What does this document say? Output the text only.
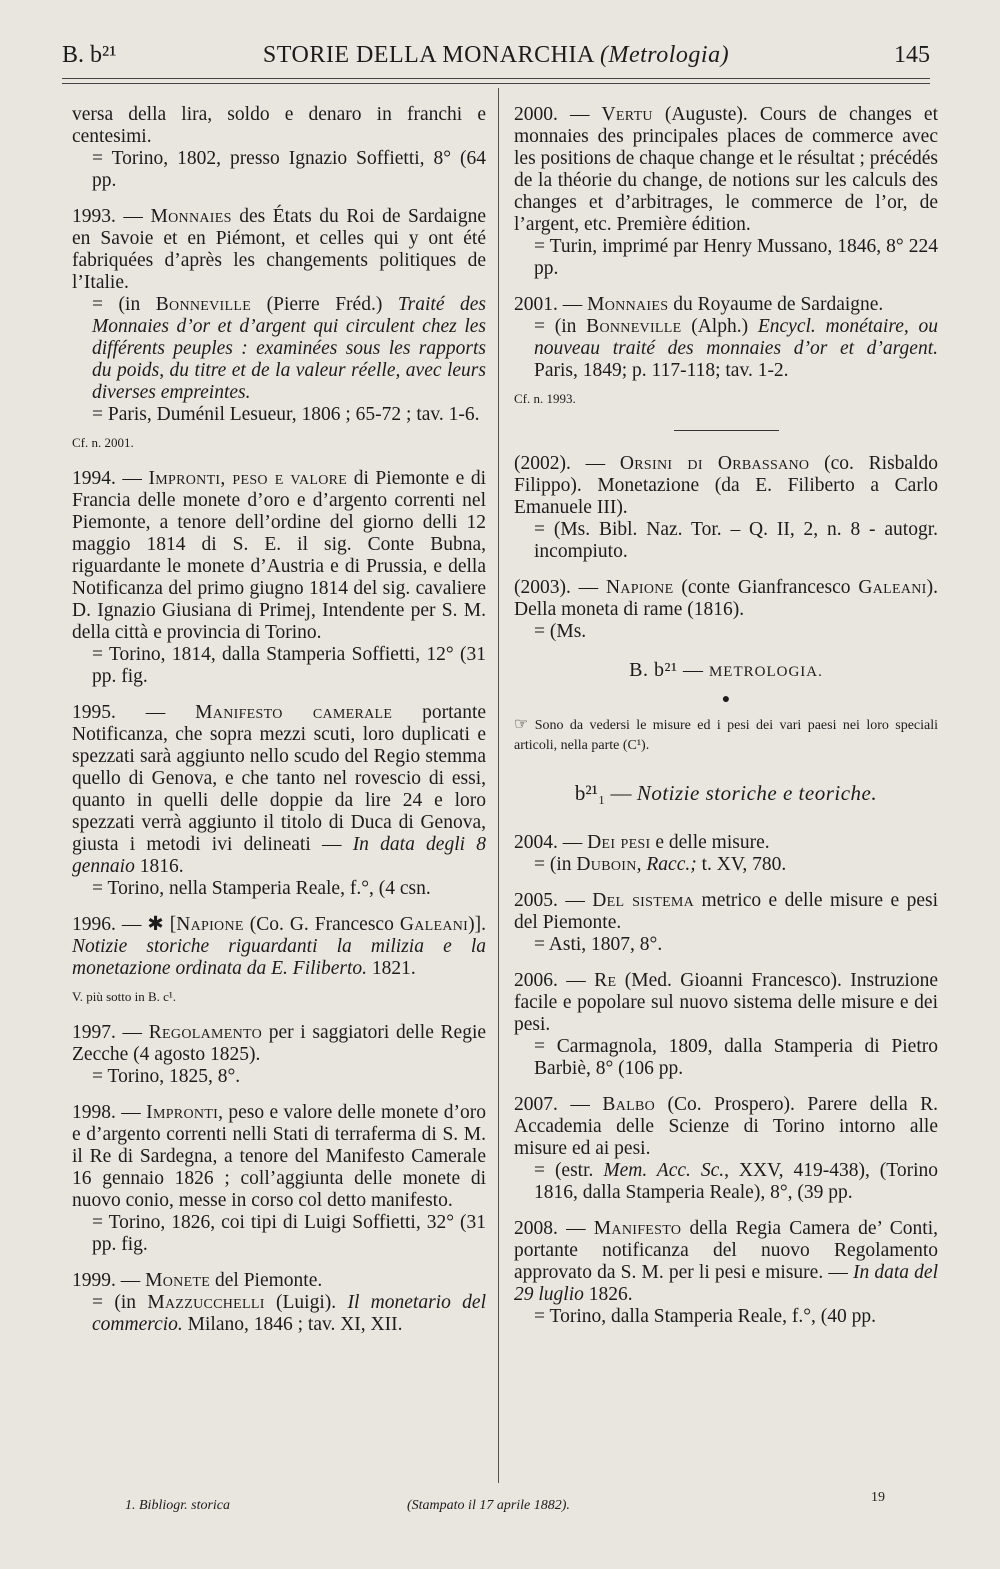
B. b²¹	STORIE DELLA MONARCHIA (Metrologia)	145

versa della lira, soldo e denaro in franchi e centesimi.

= Torino, 1802, presso Ignazio Soffietti, 8° (64 pp.

1993. — Monnaies des États du Roi de Sardaigne en Savoie et en Piémont, et celles qui y ont été fabriquées d’après les changements politiques de l’Italie.

= (in Bonneville (Pierre Fréd.) Traité des Monnaies d’or et d’argent qui circulent chez les différents peuples : examinées sous les rapports du poids, du titre et de la valeur réelle, avec leurs diverses empreintes.

= Paris, Duménil Lesueur, 1806 ; 65-72 ; tav. 1-6.

Cf. n. 2001.

1994. — Impronti, peso e valore di Piemonte e di Francia delle monete d’oro e d’argento correnti nel Piemonte, a tenore dell’ordine del giorno delli 12 maggio 1814 di S. E. il sig. Conte Bubna, riguardante le monete d’Austria e di Prussia, e della Notificanza del primo giugno 1814 del sig. cavaliere D. Ignazio Giusiana di Primej, Intendente per S. M. della città e provincia di Torino.

= Torino, 1814, dalla Stamperia Soffietti, 12° (31 pp. fig.

1995. — Manifesto camerale portante Notificanza, che sopra mezzi scuti, loro duplicati e spezzati sarà aggiunto nello scudo del Regio stemma quello di Genova, e che tanto nel rovescio di essi, quanto in quelli delle doppie da lire 24 e loro spezzati verrà aggiunto il titolo di Duca di Genova, giusta i metodi ivi delineati — In data degli 8 gennaio 1816.

= Torino, nella Stamperia Reale, f.°, (4 csn.

1996. — ✱ [Napione (Co. G. Francesco Galeani)]. Notizie storiche riguardanti la milizia e la monetazione ordinata da E. Filiberto. 1821.

V. più sotto in B. c¹.

1997. — Regolamento per i saggiatori delle Regie Zecche (4 agosto 1825).

= Torino, 1825, 8°.

1998. — Impronti, peso e valore delle monete d’oro e d’argento correnti nelli Stati di terraferma di S. M. il Re di Sardegna, a tenore del Manifesto Camerale 16 gennaio 1826 ; coll’aggiunta delle monete di nuovo conio, messe in corso col detto manifesto.

= Torino, 1826, coi tipi di Luigi Soffietti, 32° (31 pp. fig.

1999. — Monete del Piemonte.

= (in Mazzucchelli (Luigi). Il monetario del commercio. Milano, 1846 ; tav. XI, XII.

2000. — Vertu (Auguste). Cours de changes et monnaies des principales places de commerce avec les positions de chaque change et le résultat ; précédés de la théorie du change, de notions sur les calculs des changes et d’arbitrages, le commerce de l’or, de l’argent, etc. Première édition.

= Turin, imprimé par Henry Mussano, 1846, 8° 224 pp.

2001. — Monnaies du Royaume de Sardaigne.

= (in Bonneville (Alph.) Encycl. monétaire, ou nouveau traité des monnaies d’or et d’argent. Paris, 1849; p. 117-118; tav. 1-2.

Cf. n. 1993.

(2002). — Orsini di Orbassano (co. Risbaldo Filippo). Monetazione (da E. Filiberto a Carlo Emanuele III).

= (Ms. Bibl. Naz. Tor. – Q. II, 2, n. 8 - autogr. incompiuto.

(2003). — Napione (conte Gianfrancesco Galeani). Della moneta di rame (1816).

= (Ms.

B. b²¹ — METROLOGIA.
●
☞ Sono da vedersi le misure ed i pesi dei vari paesi nei loro speciali articoli, nella parte (C¹).
b²¹₁ — Notizie storiche e teoriche.

2004. — Dei pesi e delle misure.

= (in Duboin, Racc.; t. XV, 780.

2005. — Del sistema metrico e delle misure e pesi del Piemonte.

= Asti, 1807, 8°.

2006. — Re (Med. Gioanni Francesco). Instruzione facile e popolare sul nuovo sistema delle misure e dei pesi.

= Carmagnola, 1809, dalla Stamperia di Pietro Barbiè, 8° (106 pp.

2007. — Balbo (Co. Prospero). Parere della R. Accademia delle Scienze di Torino intorno alle misure ed ai pesi.

= (estr. Mem. Acc. Sc., XXV, 419-438), (Torino 1816, dalla Stamperia Reale), 8°, (39 pp.

2008. — Manifesto della Regia Camera de’ Conti, portante notificanza del nuovo Regolamento approvato da S. M. per li pesi e misure. — In data del 29 luglio 1826.

= Torino, dalla Stamperia Reale, f.°, (40 pp.

1. Bibliogr. storica	(Stampato il 17 aprile 1882).
19
